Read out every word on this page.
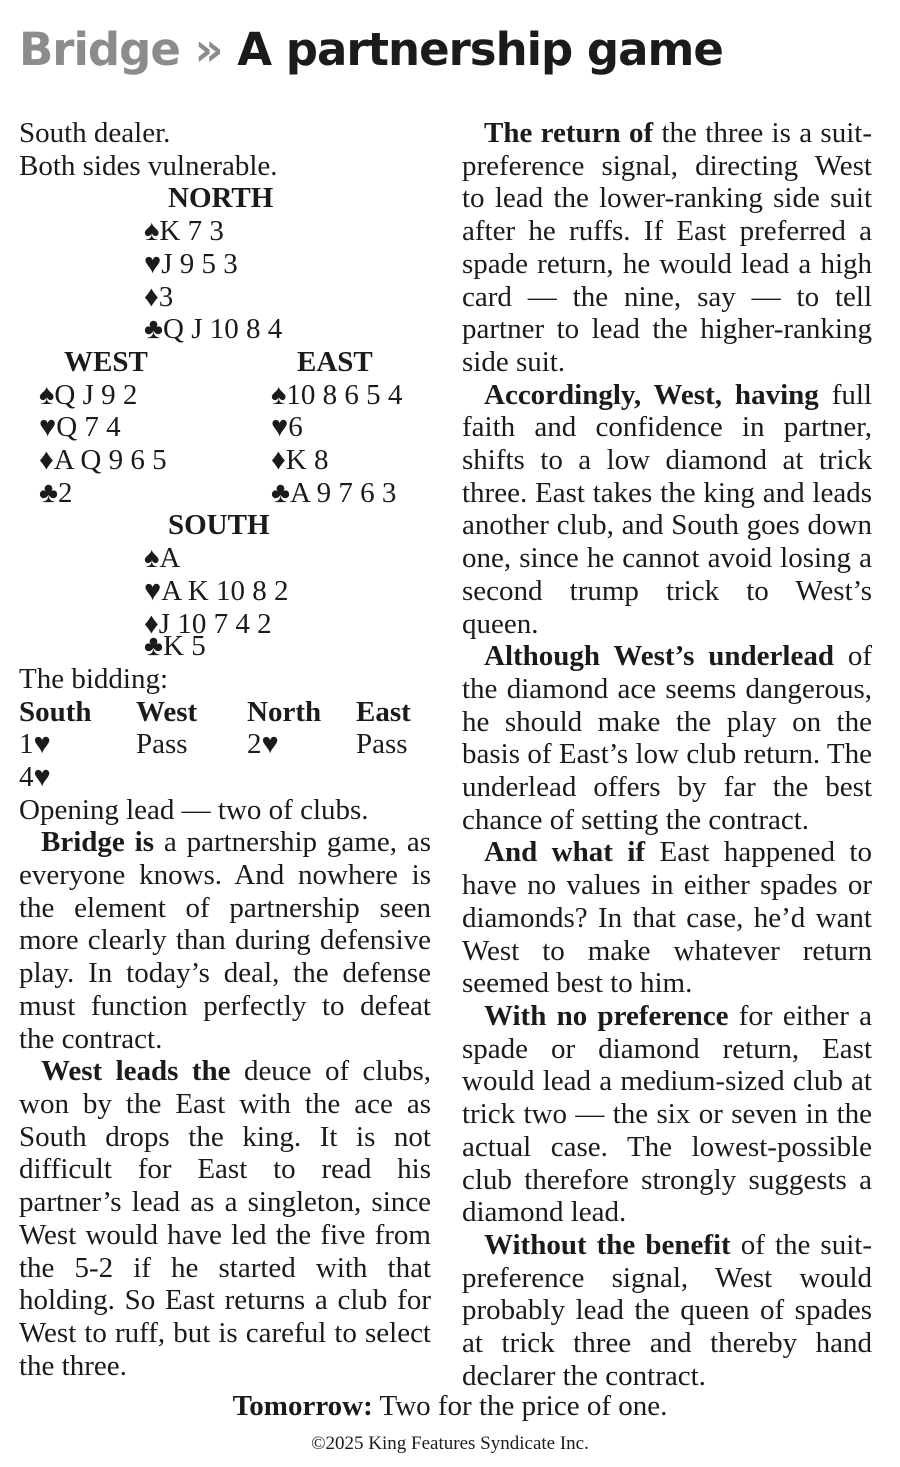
Bridge » A partnership game
South dealer.
Both sides vulnerable.
NORTH
♠K 7 3
♥J 9 5 3
♦3
♣Q J 10 8 4
WEST
♠Q J 9 2
♥Q 7 4
♦A Q 9 6 5
♣2
EAST
♠10 8 6 5 4
♥6
♦K 8
♣A 9 7 6 3
SOUTH
♠A
♥A K 10 8 2
♦J 10 7 4 2
♣K 5
The bidding:
South West North East
1♥	Pass 2♥	Pass
4♥
Opening lead — two of clubs.

Bridge is a partnership game, as everyone knows. And nowhere is the element of partnership seen more clearly than during defensive play. In today’s deal, the defense must function perfectly to defeat the contract.

West leads the deuce of clubs, won by the East with the ace as South drops the king. It is not difficult for East to read his partner’s lead as a singleton, since West would have led the five from the 5-2 if he started with that holding. So East returns a club for West to ruff, but is careful to select the three.

The return of the three is a suit-preference signal, directing West to lead the lower-ranking side suit after he ruffs. If East preferred a spade return, he would lead a high card — the nine, say — to tell partner to lead the higher-ranking side suit.

Accordingly, West, having full faith and confidence in partner, shifts to a low diamond at trick three. East takes the king and leads another club, and South goes down one, since he cannot avoid losing a second trump trick to West’s queen.

Although West’s underlead of the diamond ace seems dangerous, he should make the play on the basis of East’s low club return. The underlead offers by far the best chance of setting the contract.

And what if East happened to have no values in either spades or diamonds? In that case, he’d want West to make whatever return seemed best to him.

With no preference for either a spade or diamond return, East would lead a medium-sized club at trick two — the six or seven in the actual case. The lowest-possible club therefore strongly suggests a diamond lead.

Without the benefit of the suit-preference signal, West would probably lead the queen of spades at trick three and thereby hand declarer the contract.

Tomorrow: Two for the price of one.
©2025 King Features Syndicate Inc.
